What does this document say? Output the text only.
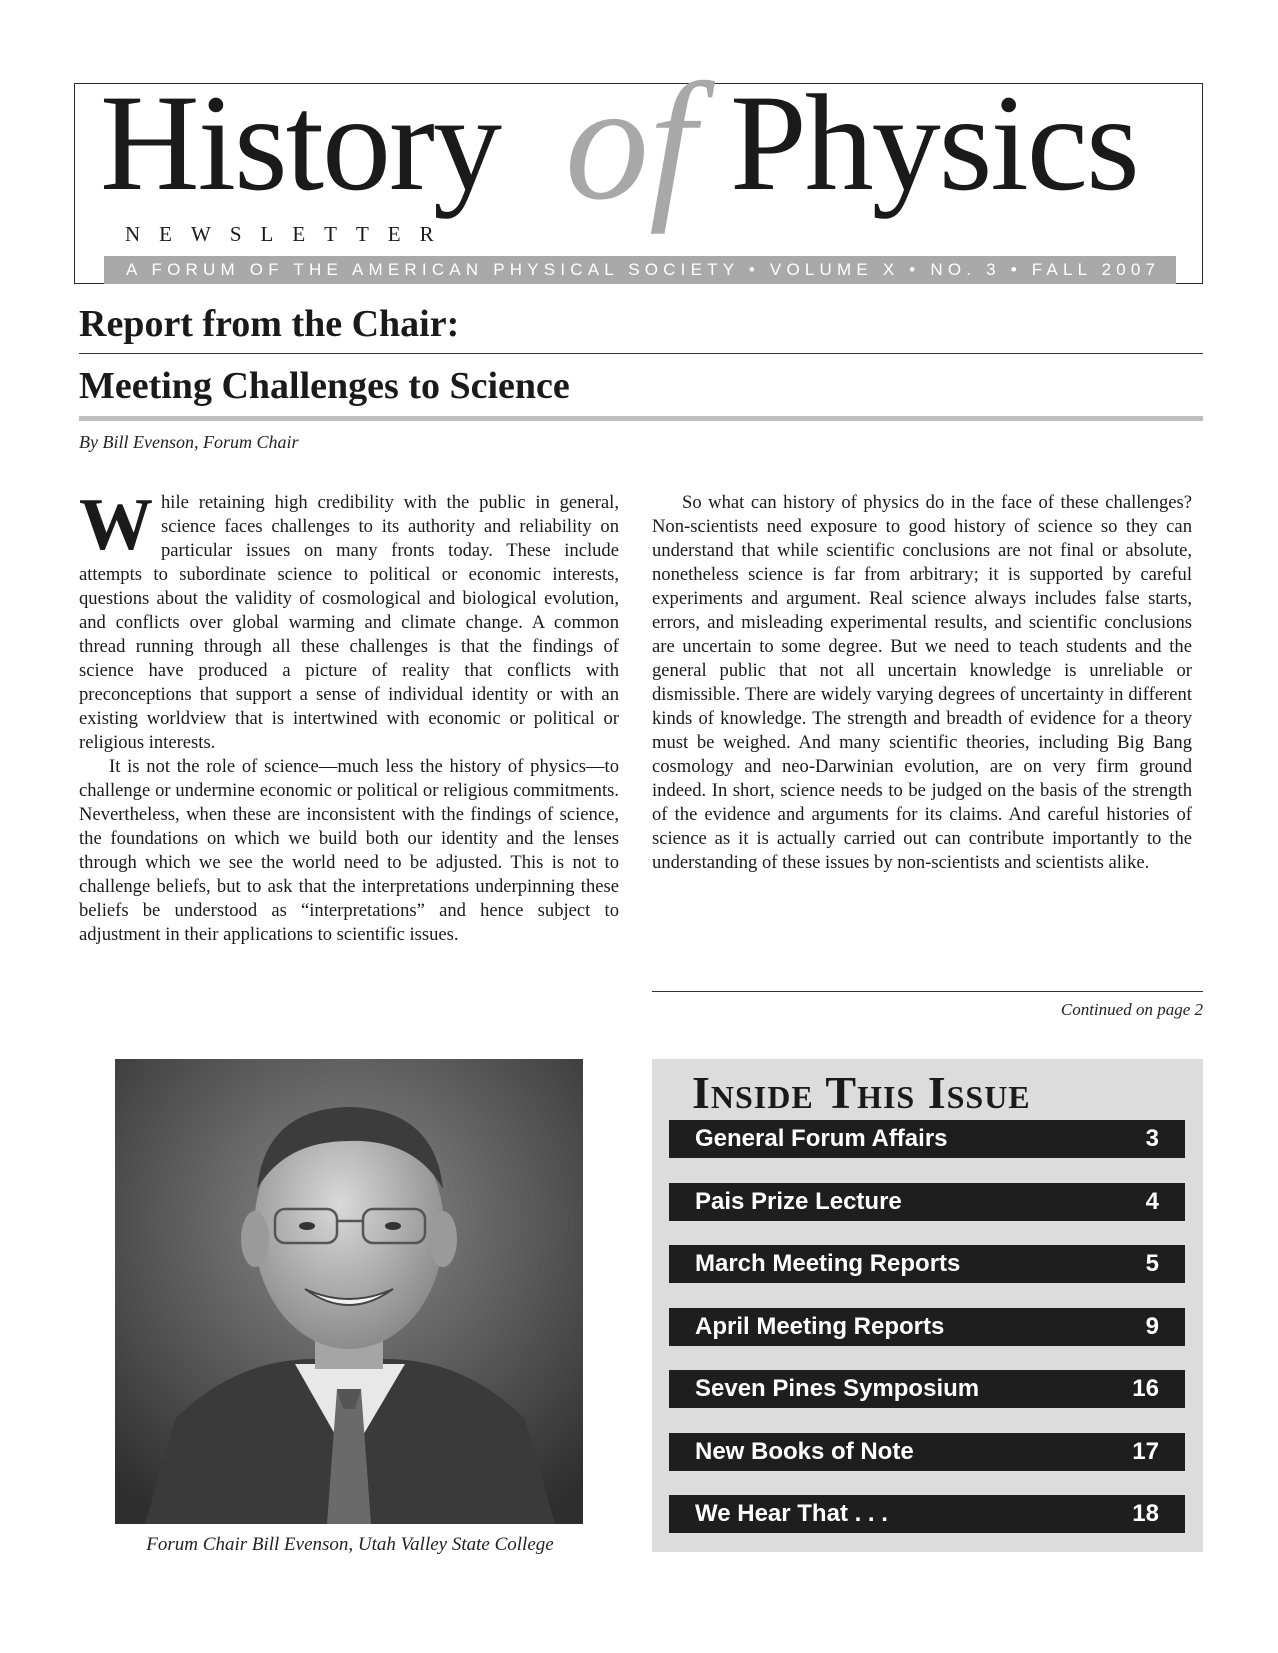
History of Physics
NEWSLETTER
A FORUM OF THE AMERICAN PHYSICAL SOCIETY • VOLUME X • NO. 3 • FALL 2007
Report from the Chair:
Meeting Challenges to Science
By Bill Evenson, Forum Chair

While retaining high credibility with the public in general, science faces challenges to its authority and reliability on particular issues on many fronts today. These include attempts to subordinate science to political or economic interests, questions about the validity of cosmological and biological evolution, and conflicts over global warming and climate change. A common thread running through all these challenges is that the findings of science have produced a picture of reality that conflicts with preconceptions that support a sense of individual identity or with an existing worldview that is intertwined with economic or political or religious interests.

It is not the role of science—much less the history of physics—to challenge or undermine economic or political or religious commitments. Nevertheless, when these are inconsistent with the findings of science, the foundations on which we build both our identity and the lenses through which we see the world need to be adjusted. This is not to challenge beliefs, but to ask that the interpretations underpinning these beliefs be understood as “interpretations” and hence subject to adjustment in their applications to scientific issues.

So what can history of physics do in the face of these challenges? Non-scientists need exposure to good history of science so they can understand that while scientific conclusions are not final or absolute, nonetheless science is far from arbitrary; it is supported by careful experiments and argument. Real science always includes false starts, errors, and misleading experimental results, and scientific conclusions are uncertain to some degree. But we need to teach students and the general public that not all uncertain knowledge is unreliable or dismissible. There are widely varying degrees of uncertainty in different kinds of knowledge. The strength and breadth of evidence for a theory must be weighed. And many scientific theories, including Big Bang cosmology and neo-Darwinian evolution, are on very firm ground indeed. In short, science needs to be judged on the basis of the strength of the evidence and arguments for its claims. And careful histories of science as it is actually carried out can contribute importantly to the understanding of these issues by non-scientists and scientists alike.

Continued on page 2
Forum Chair Bill Evenson, Utah Valley State College
Inside This Issue
General Forum Affairs	3
Pais Prize Lecture	4
March Meeting Reports	5
April Meeting Reports	9
Seven Pines Symposium	16
New Books of Note	17
We Hear That . . .	18
